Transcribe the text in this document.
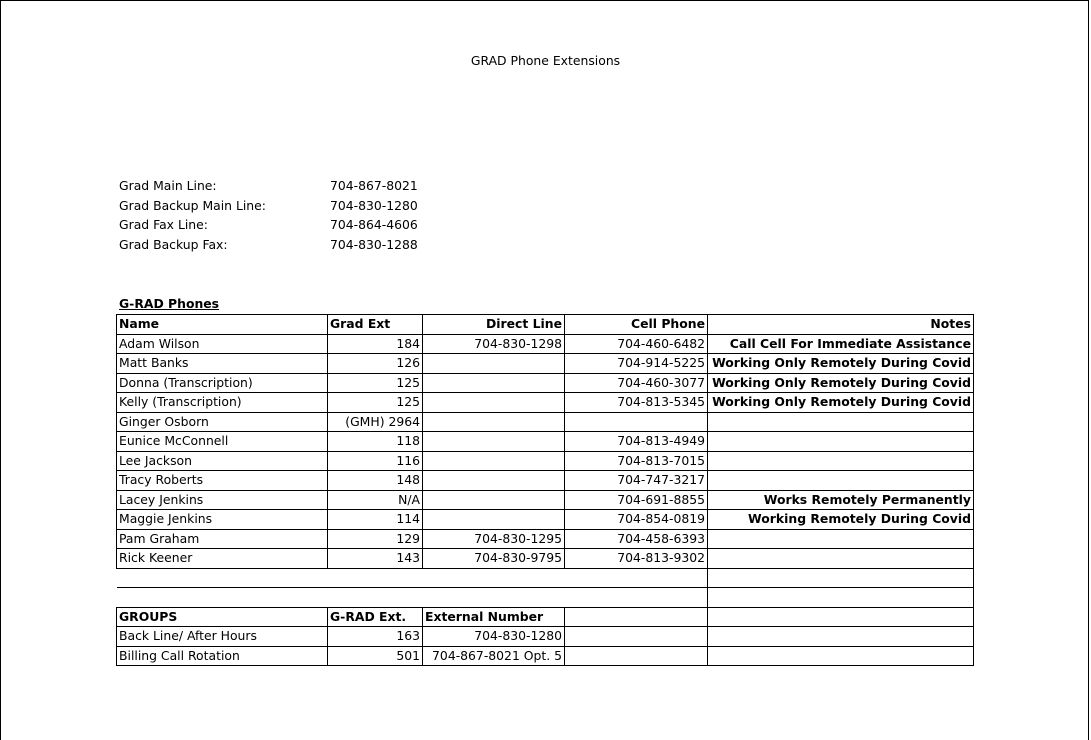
GRAD Phone Extensions
Grad Main Line:	704-867-8021
Grad Backup Main Line:	704-830-1280
Grad Fax Line:	704-864-4606
Grad Backup Fax:	704-830-1288
G-RAD Phones
Name	Grad Ext	Direct Line	Cell Phone	Notes
Adam Wilson	184	704-830-1298	704-460-6482	Call Cell For Immediate Assistance
Matt Banks	126		704-914-5225	Working Only Remotely During Covid
Donna (Transcription)	125		704-460-3077	Working Only Remotely During Covid
Kelly (Transcription)	125		704-813-5345	Working Only Remotely During Covid
Ginger Osborn	(GMH) 2964			
Eunice McConnell	118		704-813-4949	
Lee Jackson	116		704-813-7015	
Tracy Roberts	148		704-747-3217	
Lacey Jenkins	N/A		704-691-8855	Works Remotely Permanently
Maggie Jenkins	114		704-854-0819	Working Remotely During Covid
Pam Graham	129	704-830-1295	704-458-6393	
Rick Keener	143	704-830-9795	704-813-9302	

GROUPS	G-RAD Ext.	External Number		
Back Line/ After Hours	163	704-830-1280		
Billing Call Rotation	501	704-867-8021 Opt. 5		
